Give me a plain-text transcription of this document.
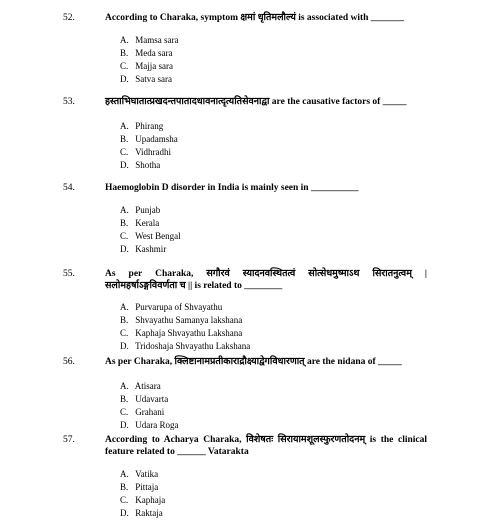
52.	According to Charaka, symptom क्षमां धृतिमलौल्यं is associated with _______
A. Mamsa sara
B. Meda sara
C. Majja sara
D. Satva sara
53.	हस्ताभिघातात्प्रखदन्तपातादधावनात्दृत्यतिसेवनाद्वा are the causative factors of _____
A. Phirang
B. Upadamsha
C. Vidhradhi
D. Shotha
54.	Haemoglobin D disorder in India is mainly seen in __________
A. Punjab
B. Kerala
C. West Bengal
D. Kashmir
55.	As per Charaka, सगौरवं स्यादनवस्थितत्वं सोत्सेधमुष्माऽथ सिरातनुत्वम् | सलोमहर्षाऽङ्गविवर्णता च || is related to ________
A. Purvarupa of Shvayathu
B. Shvayathu Samanya lakshana
C. Kaphaja Shvayathu Lakshana
D. Tridoshaja Shvayathu Lakshana
56.	As per Charaka, क्लिष्टानामप्रतीकाराद्रौक्ष्याद्वेगविधारणात् are the nidana of _____
A. Atisara
B. Udavarta
C. Grahani
D. Udara Roga
57.	According to Acharya Charaka, विशेषतः सिरायामशूलस्फुरणतोदनम् is the clinical feature related to ______ Vatarakta
A. Vatika
B. Pittaja
C. Kaphaja
D. Raktaja
